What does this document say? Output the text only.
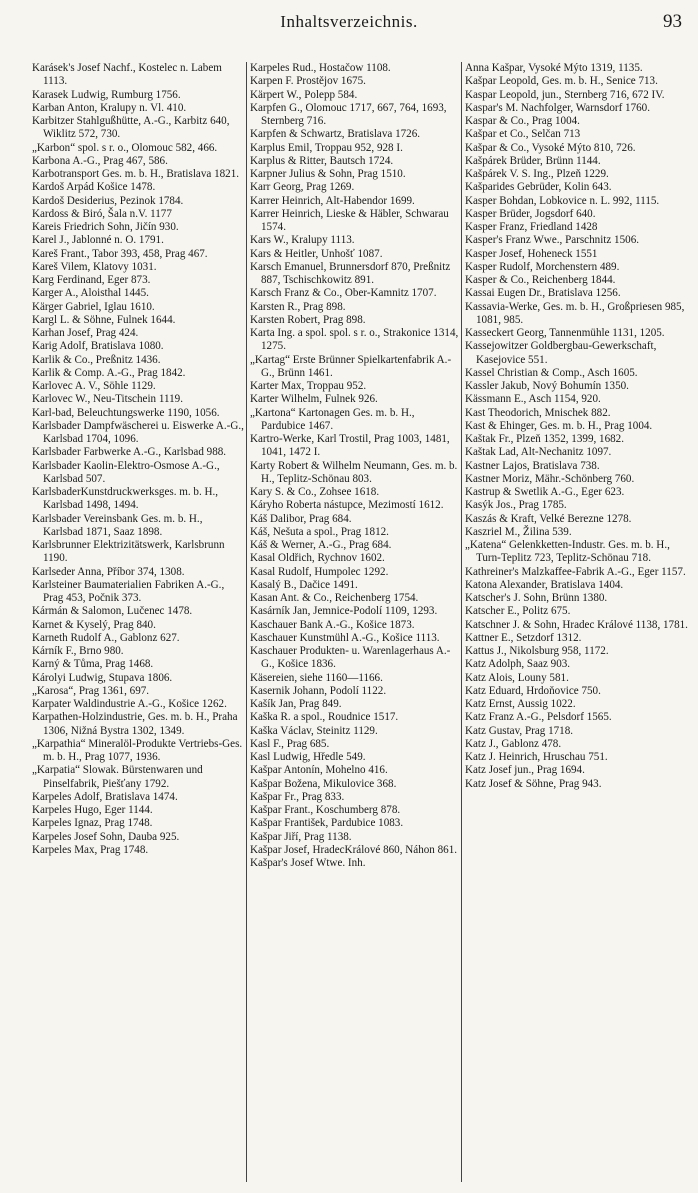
Inhaltsverzeichnis.	93

Karásek's Josef Nachf., Kostelec n. Labem 1113.

Karasek Ludwig, Rumburg 1756.

Karban Anton, Kralupy n. Vl. 410.

Karbitzer Stahlgußhütte, A.-G., Karbitz 640, Wiklitz 572, 730.

„Karbon“ spol. s r. o., Olomouc 582, 466.

Karbona A.-G., Prag 467, 586.

Karbotransport Ges. m. b. H., Bratislava 1821.

Kardoš Arpád Košice 1478.

Kardoš Desiderius, Pezinok 1784.

Kardoss & Biró, Šala n.V. 1177

Kareis Friedrich Sohn, Jičín 930.

Karel J., Jablonné n. O. 1791.

Kareš Frant., Tabor 393, 458, Prag 467.

Kareš Vilem, Klatovy 1031.

Karg Ferdinand, Eger 873.

Karger A., Aloisthal 1445.

Kärger Gabriel, Iglau 1610.

Kargl L. & Söhne, Fulnek 1644.

Karhan Josef, Prag 424.

Karig Adolf, Bratislava 1080.

Karlik & Co., Preßnitz 1436.

Karlik & Comp. A.-G., Prag 1842.

Karlovec A. V., Söhle 1129.

Karlovec W., Neu-Titschein 1119.

Karl-bad, Beleuchtungswerke 1190, 1056.

Karlsbader Dampfwäscherei u. Eiswerke A.-G., Karlsbad 1704, 1096.

Karlsbader Farbwerke A.-G., Karlsbad 988.

Karlsbader Kaolin-Elektro-Osmose A.-G., Karlsbad 507.

KarlsbaderKunstdruckwerksges. m. b. H., Karlsbad 1498, 1494.

Karlsbader Vereinsbank Ges. m. b. H., Karlsbad 1871, Saaz 1898.

Karlsbrunner Elektrizitätswerk, Karlsbrunn 1190.

Karlseder Anna, Příbor 374, 1308.

Karlsteiner Baumaterialien Fabriken A.-G., Prag 453, Počnik 373.

Kármán & Salomon, Lučenec 1478.

Karnet & Kyselý, Prag 840.

Karneth Rudolf A., Gablonz 627.

Kárník F., Brno 980.

Karný & Tůma, Prag 1468.

Károlyi Ludwig, Stupava 1806.

„Karosa“, Prag 1361, 697.

Karpater Waldindustrie A.-G., Košice 1262.

Karpathen-Holzindustrie, Ges. m. b. H., Praha 1306, Nižná Bystra 1302, 1349.

„Karpathia“ Mineralöl-Produkte Vertriebs-Ges. m. b. H., Prag 1077, 1936.

„Karpatia“ Slowak. Bürstenwaren und Pinselfabrik, Piešťany 1792.

Karpeles Adolf, Bratislava 1474.

Karpeles Hugo, Eger 1144.

Karpeles Ignaz, Prag 1748.

Karpeles Josef Sohn, Dauba 925.

Karpeles Max, Prag 1748.

Karpeles Rud., Hostačow 1108.

Karpen F. Prostějov 1675.

Kärpert W., Polepp 584.

Karpfen G., Olomouc 1717, 667, 764, 1693, Sternberg 716.

Karpfen & Schwartz, Bratislava 1726.

Karplus Emil, Troppau 952, 928 I.

Karplus & Ritter, Bautsch 1724.

Karpner Julius & Sohn, Prag 1510.

Karr Georg, Prag 1269.

Karrer Heinrich, Alt-Habendor 1699.

Karrer Heinrich, Lieske & Häbler, Schwarau 1574.

Kars W., Kralupy 1113.

Kars & Heitler, Unhošť 1087.

Karsch Emanuel, Brunnersdorf 870, Preßnitz 887, Tschischkowitz 891.

Karsch Franz & Co., Ober-Kamnitz 1707.

Karsten R., Prag 898.

Karsten Robert, Prag 898.

Karta Ing. a spol. spol. s r. o., Strakonice 1314, 1275.

„Kartag“ Erste Brünner Spielkartenfabrik A.-G., Brünn 1461.

Karter Max, Troppau 952.

Karter Wilhelm, Fulnek 926.

„Kartona“ Kartonagen Ges. m. b. H., Pardubice 1467.

Kartro-Werke, Karl Trostil, Prag 1003, 1481, 1041, 1472 I.

Karty Robert & Wilhelm Neumann, Ges. m. b. H., Teplitz-Schönau 803.

Kary S. & Co., Zohsee 1618.

Káryho Roberta nástupce, Mezimostí 1612.

Káš Dalibor, Prag 684.

Káš, Nešuta a spol., Prag 1812.

Káš & Werner, A.-G., Prag 684.

Kasal Oldřich, Rychnov 1602.

Kasal Rudolf, Humpolec 1292.

Kasalý B., Dačice 1491.

Kasan Ant. & Co., Reichenberg 1754.

Kasárník Jan, Jemnice-Podolí 1109, 1293.

Kaschauer Bank A.-G., Košice 1873.

Kaschauer Kunstmühl A.-G., Košice 1113.

Kaschauer Produkten- u. Warenlagerhaus A.-G., Košice 1836.

Käsereien, siehe 1160—1166.

Kasernik Johann, Podolí 1122.

Kašík Jan, Prag 849.

Kaška R. a spol., Roudnice 1517.

Kaška Václav, Steinitz 1129.

Kasl F., Prag 685.

Kasl Ludwig, Hředle 549.

Kašpar Antonín, Mohelno 416.

Kašpar Božena, Mikulovice 368.

Kašpar Fr., Prag 833.

Kašpar Frant., Koschumberg 878.

Kašpar František, Pardubice 1083.

Kašpar Jiří, Prag 1138.

Kašpar Josef, HradecKrálové 860, Náhon 861.

Kašpar's Josef Wtwe. Inh.

Anna Kašpar, Vysoké Mýto 1319, 1135.

Kašpar Leopold, Ges. m. b. H., Senice 713.

Kaspar Leopold, jun., Sternberg 716, 672 IV.

Kaspar's M. Nachfolger, Warnsdorf 1760.

Kaspar & Co., Prag 1004.

Kašpar et Co., Selčan 713

Kašpar & Co., Vysoké Mýto 810, 726.

Kašpárek Brüder, Brünn 1144.

Kašpárek V. S. Ing., Plzeň 1229.

Kašparides Gebrüder, Kolin 643.

Kasper Bohdan, Lobkovice n. L. 992, 1115.

Kasper Brüder, Jogsdorf 640.

Kasper Franz, Friedland 1428

Kasper's Franz Wwe., Parschnitz 1506.

Kasper Josef, Hoheneck 1551

Kasper Rudolf, Morchenstern 489.

Kasper & Co., Reichenberg 1844.

Kassai Eugen Dr., Bratislava 1256.

Kassavia-Werke, Ges. m. b. H., Großpriesen 985, 1081, 985.

Kasseckert Georg, Tannenmühle 1131, 1205.

Kassejowitzer Goldbergbau-Gewerkschaft, Kasejovice 551.

Kassel Christian & Comp., Asch 1605.

Kassler Jakub, Nový Bohumín 1350.

Kässmann E., Asch 1154, 920.

Kast Theodorich, Mnischek 882.

Kast & Ehinger, Ges. m. b. H., Prag 1004.

Kaštak Fr., Plzeň 1352, 1399, 1682.

Kaštak Lad, Alt-Nechanitz 1097.

Kastner Lajos, Bratislava 738.

Kastner Moriz, Mähr.-Schönberg 760.

Kastrup & Swetlik A.-G., Eger 623.

Kasýk Jos., Prag 1785.

Kaszás & Kraft, Velké Berezne 1278.

Kaszriel M., Žilina 539.

„Katena“ Gelenkketten-Industr. Ges. m. b. H., Turn-Teplitz 723, Teplitz-Schönau 718.

Kathreiner's Malzkaffee-Fabrik A.-G., Eger 1157.

Katona Alexander, Bratislava 1404.

Katscher's J. Sohn, Brünn 1380.

Katscher E., Politz 675.

Katschner J. & Sohn, Hradec Králové 1138, 1781.

Kattner E., Setzdorf 1312.

Kattus J., Nikolsburg 958, 1172.

Katz Adolph, Saaz 903.

Katz Alois, Louny 581.

Katz Eduard, Hrdoňovice 750.

Katz Ernst, Aussig 1022.

Katz Franz A.-G., Pelsdorf 1565.

Katz Gustav, Prag 1718.

Katz J., Gablonz 478.

Katz J. Heinrich, Hruschau 751.

Katz Josef jun., Prag 1694.

Katz Josef & Söhne, Prag 943.
